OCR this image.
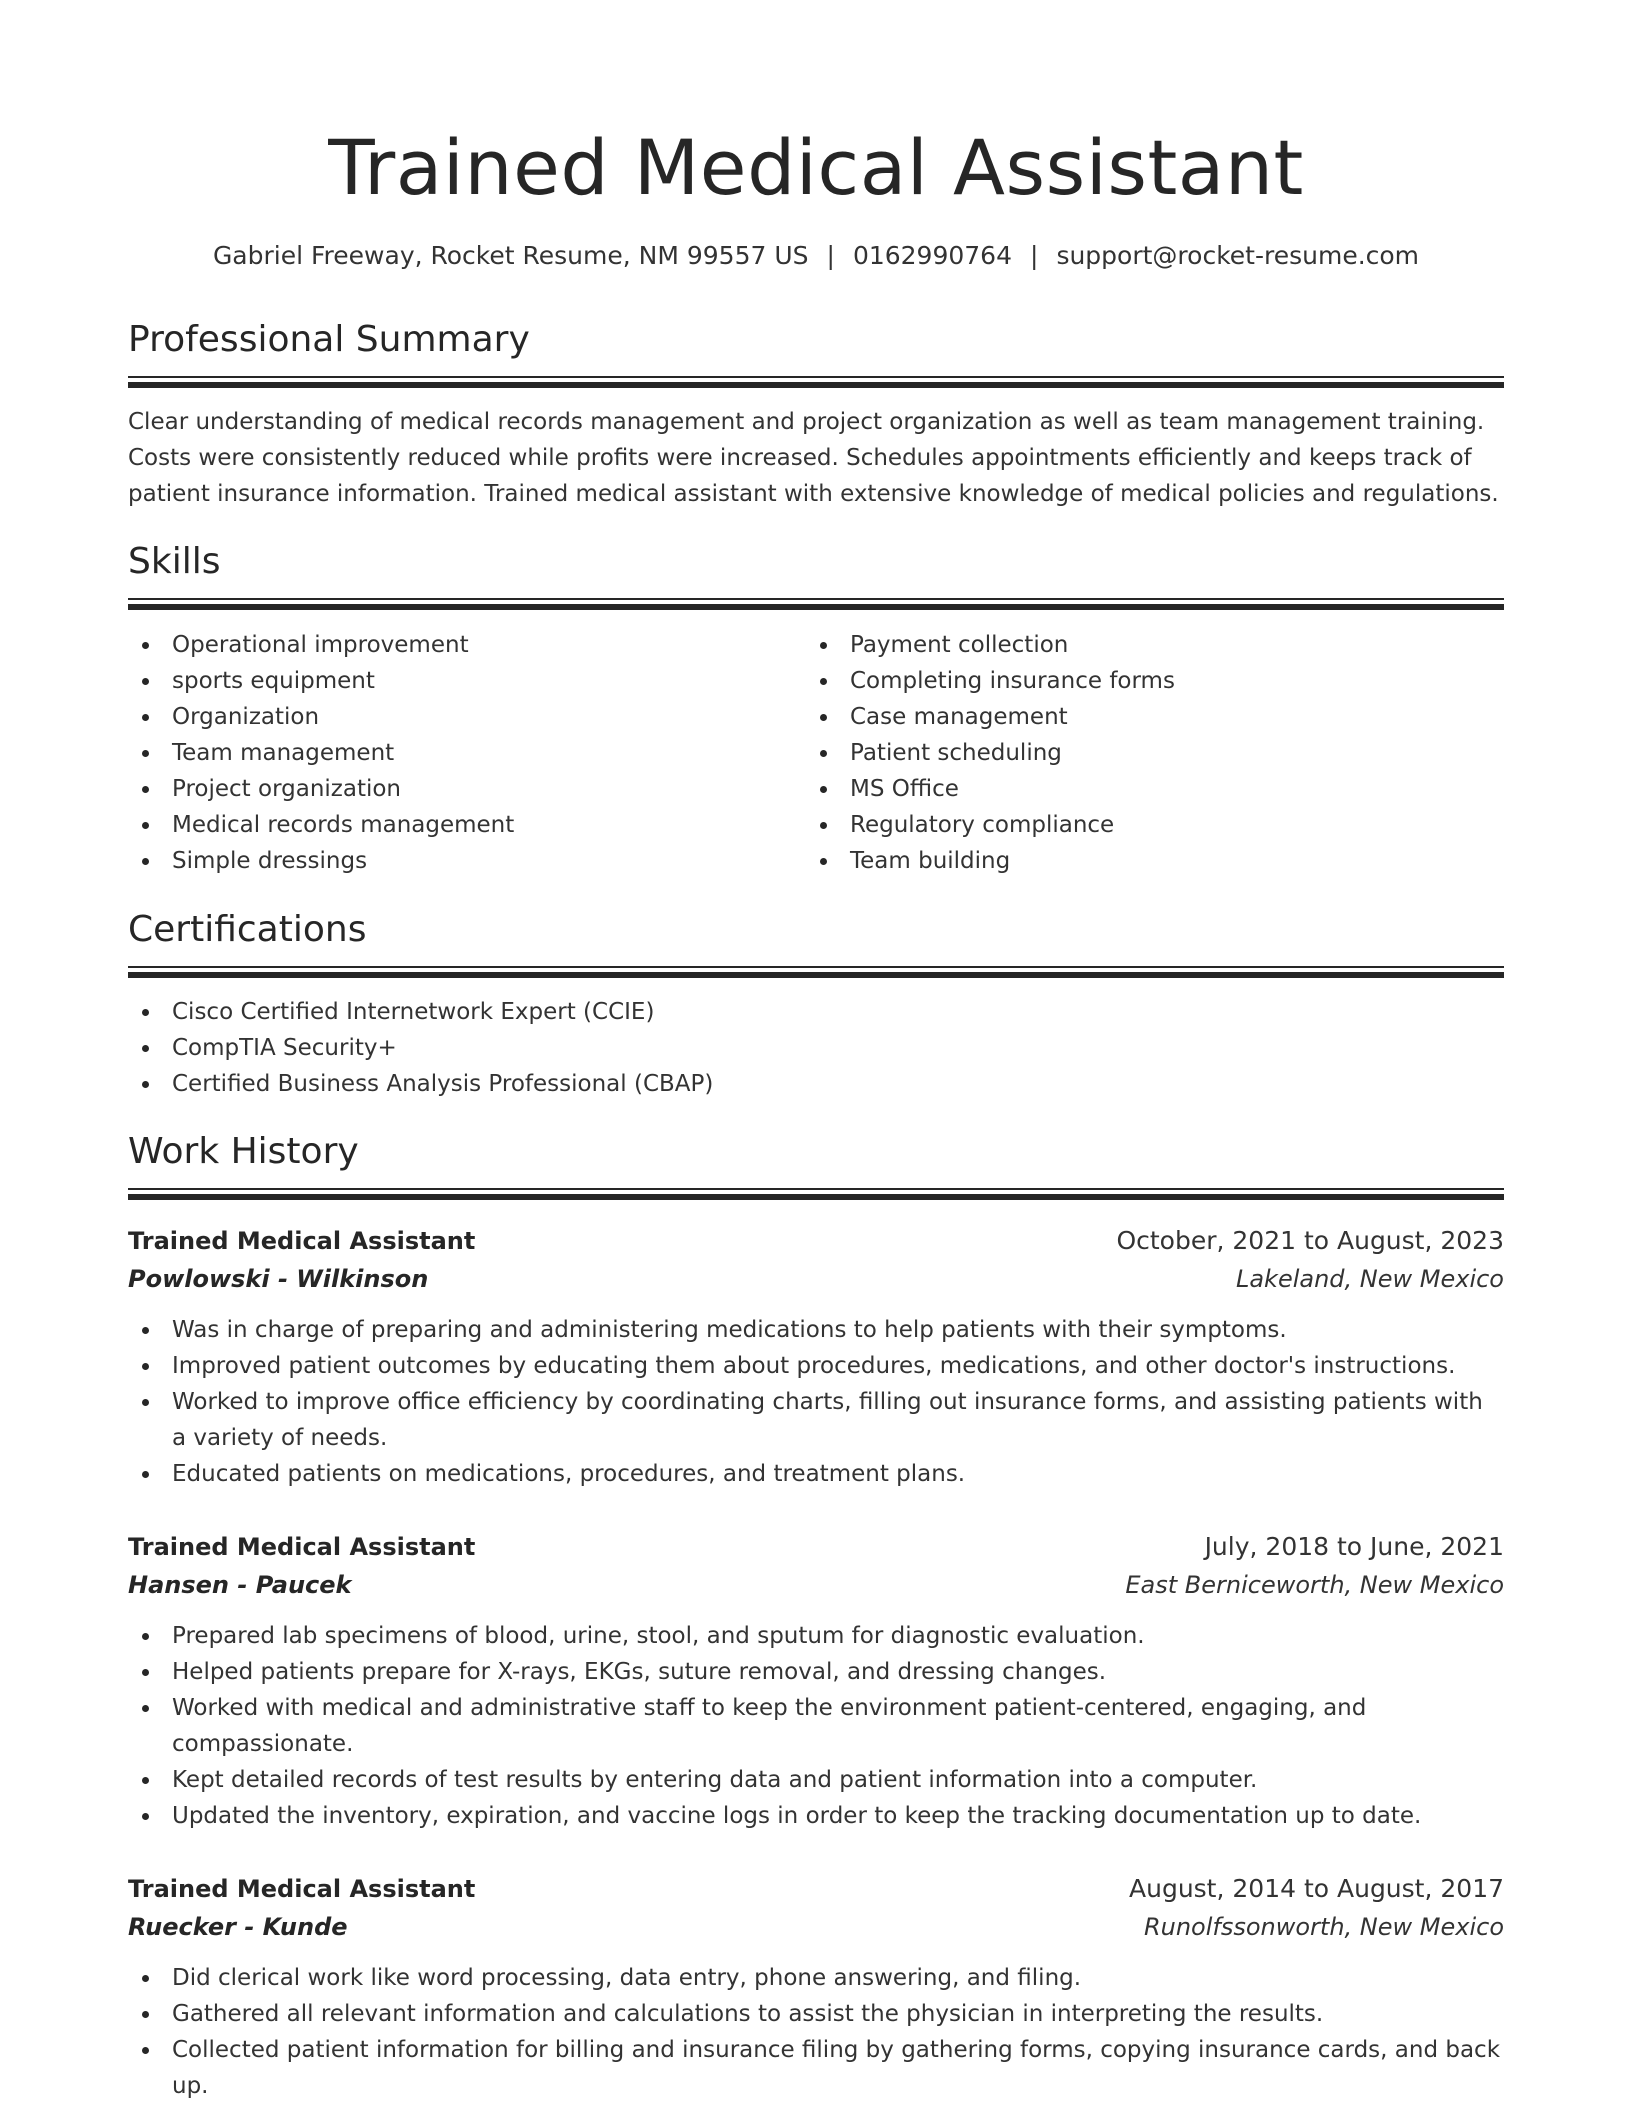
Trained Medical Assistant
Gabriel Freeway, Rocket Resume, NM 99557 US | 0162990764 | support@rocket-resume.com
Professional Summary
Clear understanding of medical records management and project organization as well as team management training. Costs were consistently reduced while profits were increased. Schedules appointments efficiently and keeps track of patient insurance information. Trained medical assistant with extensive knowledge of medical policies and regulations.
Skills
Operational improvement
sports equipment
Organization
Team management
Project organization
Medical records management
Simple dressings
Payment collection
Completing insurance forms
Case management
Patient scheduling
MS Office
Regulatory compliance
Team building
Certifications
Cisco Certified Internetwork Expert (CCIE)
CompTIA Security+
Certified Business Analysis Professional (CBAP)
Work History
Trained Medical Assistant	October, 2021 to August, 2023
Powlowski - Wilkinson	Lakeland, New Mexico
Was in charge of preparing and administering medications to help patients with their symptoms.
Improved patient outcomes by educating them about procedures, medications, and other doctor's instructions.
Worked to improve office efficiency by coordinating charts, filling out insurance forms, and assisting patients with a variety of needs.
Educated patients on medications, procedures, and treatment plans.
Trained Medical Assistant	July, 2018 to June, 2021
Hansen - Paucek	East Berniceworth, New Mexico
Prepared lab specimens of blood, urine, stool, and sputum for diagnostic evaluation.
Helped patients prepare for X-rays, EKGs, suture removal, and dressing changes.
Worked with medical and administrative staff to keep the environment patient-centered, engaging, and compassionate.
Kept detailed records of test results by entering data and patient information into a computer.
Updated the inventory, expiration, and vaccine logs in order to keep the tracking documentation up to date.
Trained Medical Assistant	August, 2014 to August, 2017
Ruecker - Kunde	Runolfssonworth, New Mexico
Did clerical work like word processing, data entry, phone answering, and filing.
Gathered all relevant information and calculations to assist the physician in interpreting the results.
Collected patient information for billing and insurance filing by gathering forms, copying insurance cards, and back up.
